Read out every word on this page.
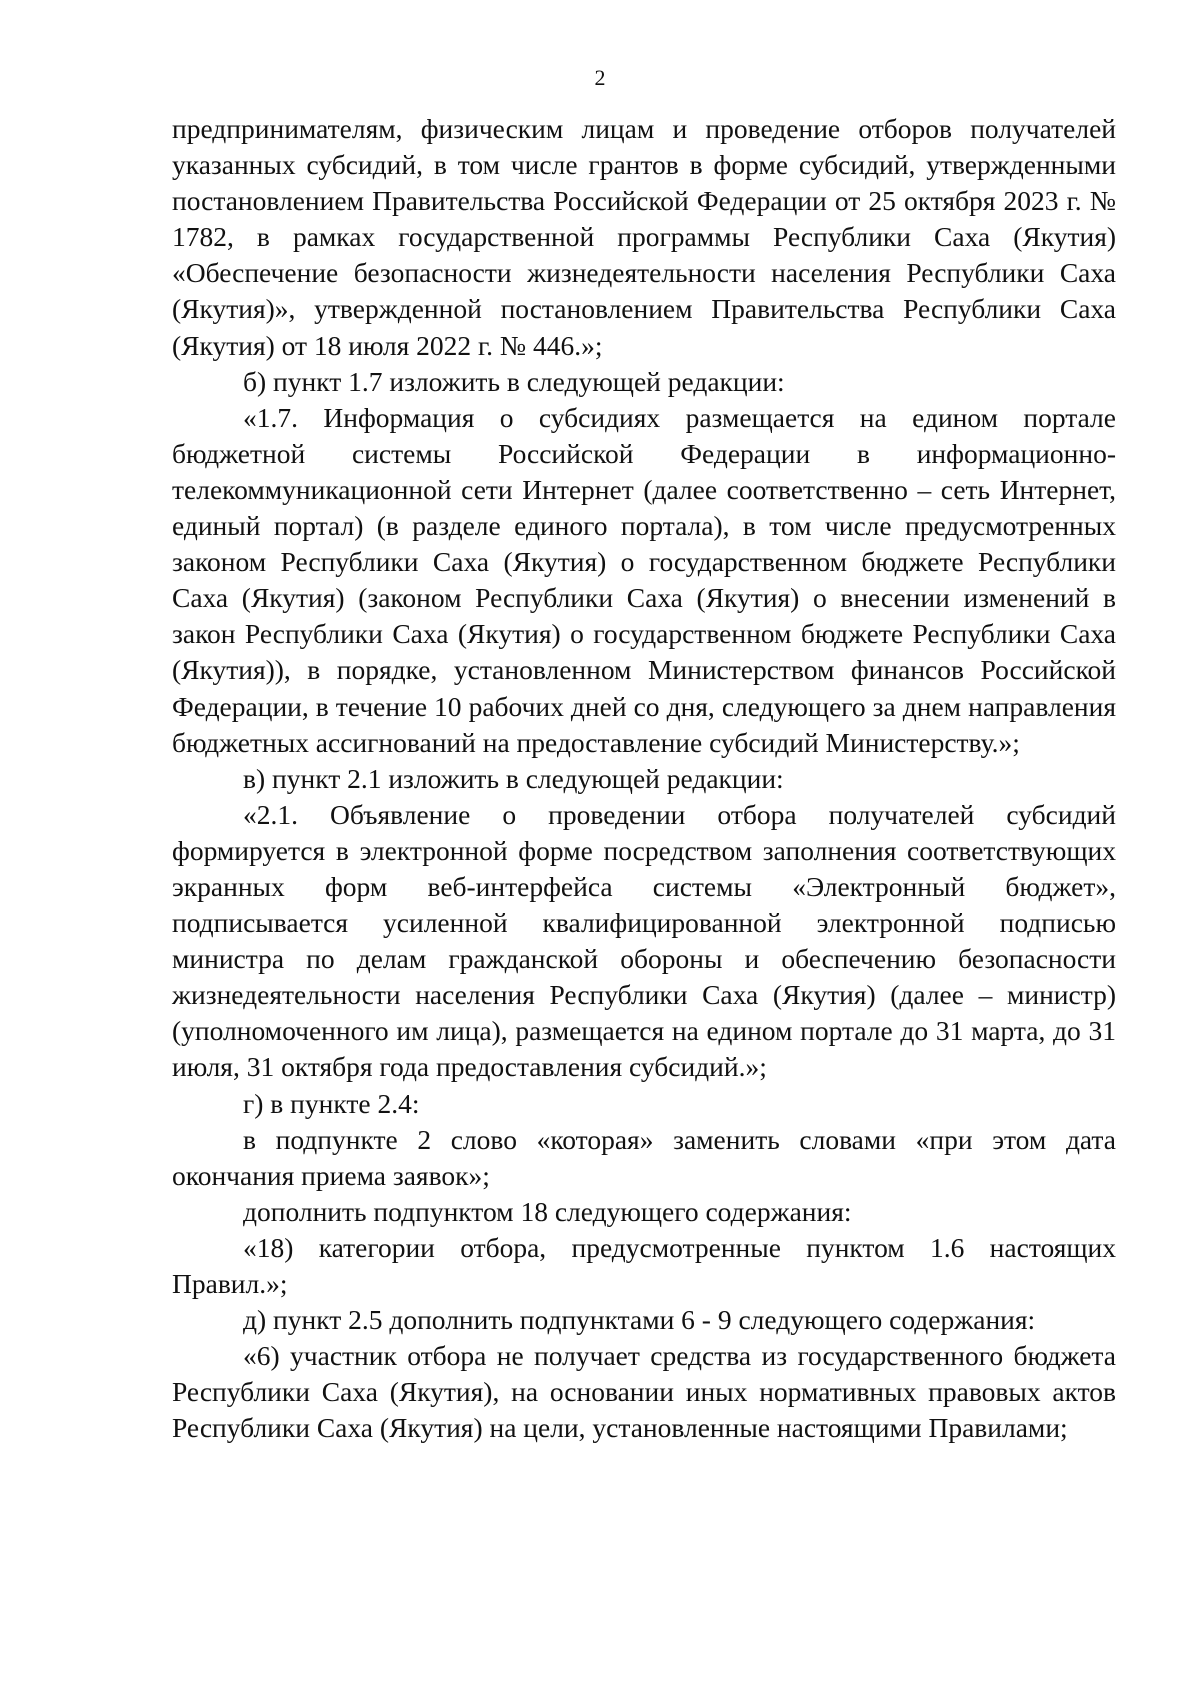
2

предпринимателям, физическим лицам и проведение отборов получателей указанных субсидий, в том числе грантов в форме субсидий, утвержденными постановлением Правительства Российской Федерации от 25 октября 2023 г. № 1782, в рамках государственной программы Республики Саха (Якутия) «Обеспечение безопасности жизнедеятельности населения Республики Саха (Якутия)», утвержденной постановлением Правительства Республики Саха (Якутия) от 18 июля 2022 г. № 446.»;

б) пункт 1.7 изложить в следующей редакции:

«1.7. Информация о субсидиях размещается на едином портале бюджетной системы Российской Федерации в информационно-телекоммуникационной сети Интернет (далее соответственно – сеть Интернет, единый портал) (в разделе единого портала), в том числе предусмотренных законом Республики Саха (Якутия) о государственном бюджете Республики Саха (Якутия) (законом Республики Саха (Якутия) о внесении изменений в закон Республики Саха (Якутия) о государственном бюджете Республики Саха (Якутия)), в порядке, установленном Министерством финансов Российской Федерации, в течение 10 рабочих дней со дня, следующего за днем направления бюджетных ассигнований на предоставление субсидий Министерству.»;

в) пункт 2.1 изложить в следующей редакции:

«2.1. Объявление о проведении отбора получателей субсидий формируется в электронной форме посредством заполнения соответствующих экранных форм веб-интерфейса системы «Электронный бюджет», подписывается усиленной квалифицированной электронной подписью министра по делам гражданской обороны и обеспечению безопасности жизнедеятельности населения Республики Саха (Якутия) (далее – министр) (уполномоченного им лица), размещается на едином портале до 31 марта, до 31 июля, 31 октября года предоставления субсидий.»;

г) в пункте 2.4:

в подпункте 2 слово «которая» заменить словами «при этом дата окончания приема заявок»;

дополнить подпунктом 18 следующего содержания:

«18) категории отбора, предусмотренные пунктом 1.6 настоящих Правил.»;

д) пункт 2.5 дополнить подпунктами 6 - 9 следующего содержания:

«6) участник отбора не получает средства из государственного бюджета Республики Саха (Якутия), на основании иных нормативных правовых актов Республики Саха (Якутия) на цели, установленные настоящими Правилами;
